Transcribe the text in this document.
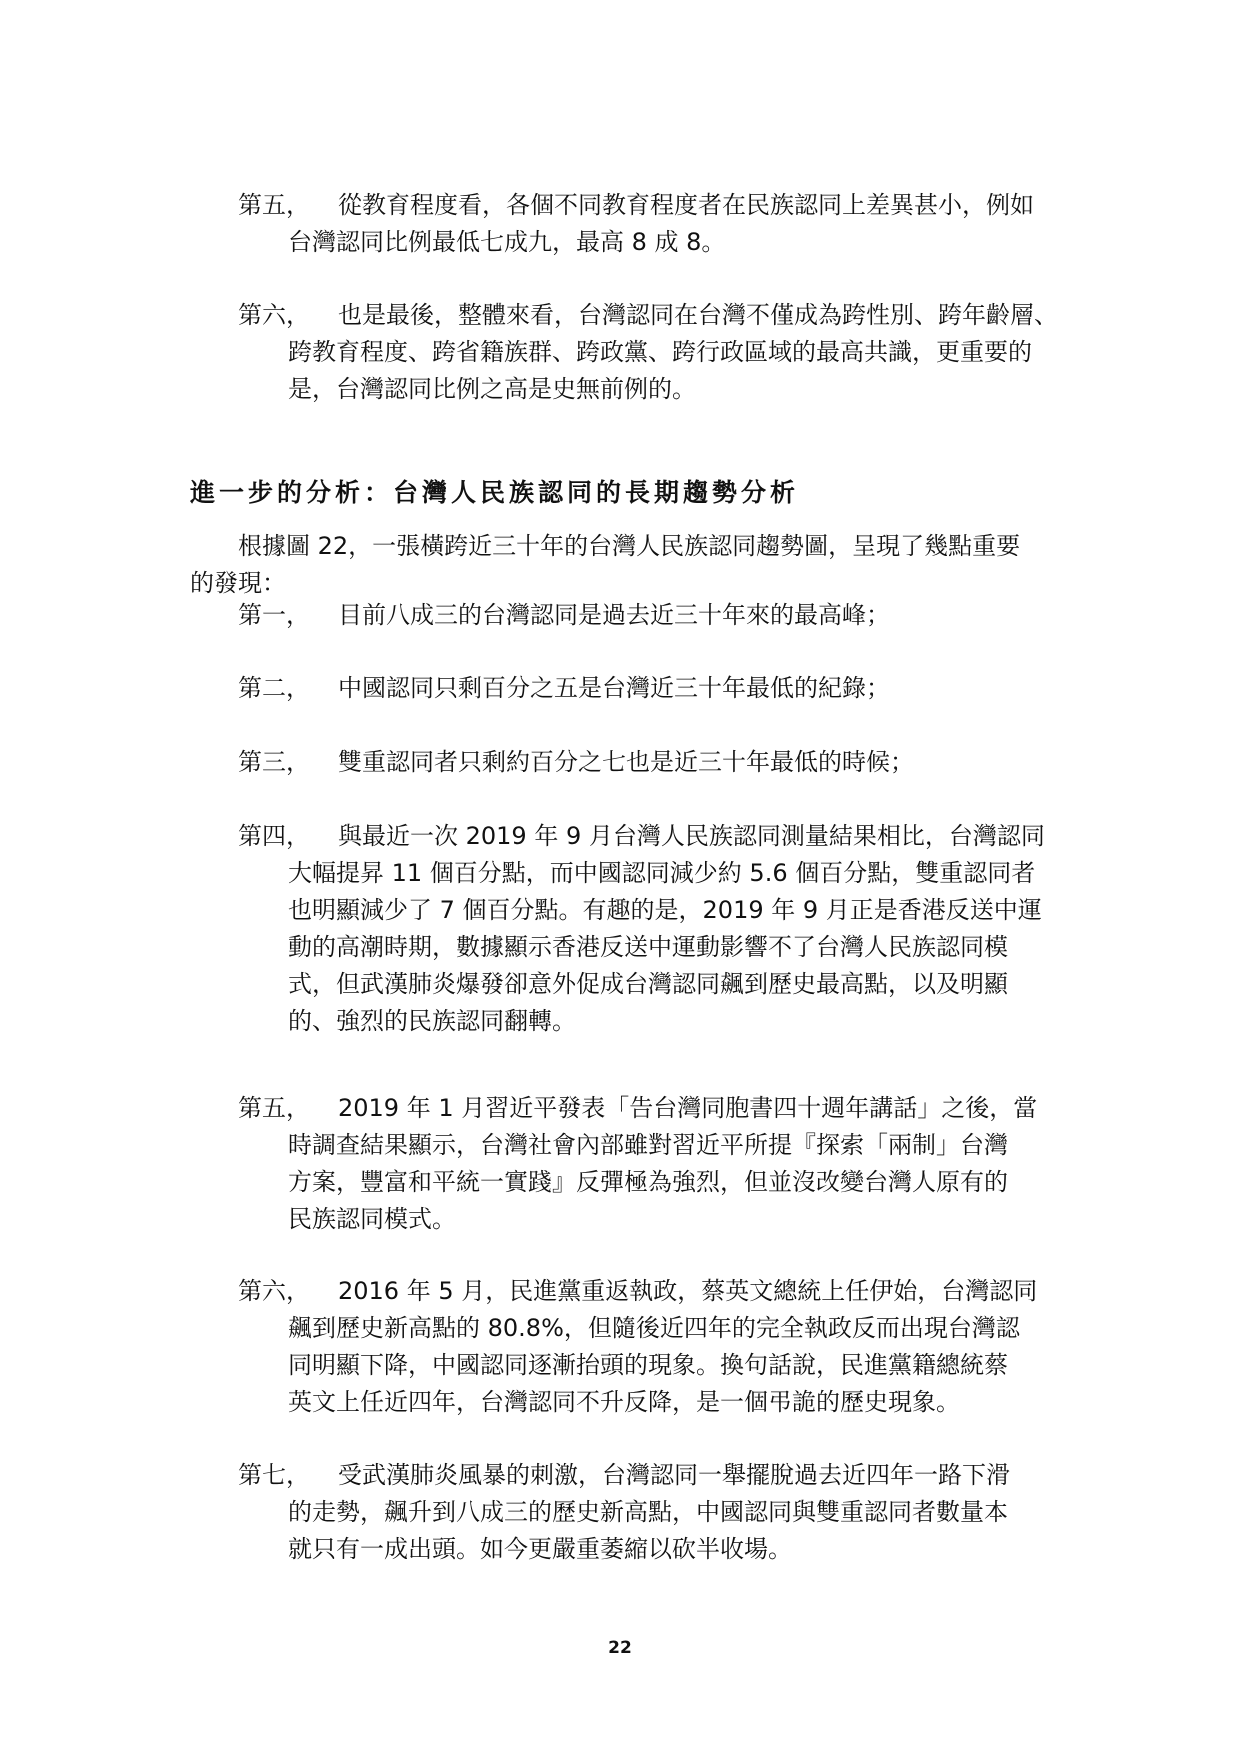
第五，	從教育程度看，各個不同教育程度者在民族認同上差異甚小，例如
台灣認同比例最低七成九，最高 8 成 8。
第六，	也是最後，整體來看，台灣認同在台灣不僅成為跨性別、跨年齡層、
跨教育程度、跨省籍族群、跨政黨、跨行政區域的最高共識，更重要的
是，台灣認同比例之高是史無前例的。
進一步的分析：台灣人民族認同的長期趨勢分析
根據圖 22，一張橫跨近三十年的台灣人民族認同趨勢圖，呈現了幾點重要
的發現：
第一，	目前八成三的台灣認同是過去近三十年來的最高峰；
第二，	中國認同只剩百分之五是台灣近三十年最低的紀錄；
第三，	雙重認同者只剩約百分之七也是近三十年最低的時候；
第四，	與最近一次 2019 年 9 月台灣人民族認同測量結果相比，台灣認同
大幅提昇 11 個百分點，而中國認同減少約 5.6 個百分點，雙重認同者
也明顯減少了 7 個百分點。有趣的是，2019 年 9 月正是香港反送中運
動的高潮時期，數據顯示香港反送中運動影響不了台灣人民族認同模
式，但武漢肺炎爆發卻意外促成台灣認同飆到歷史最高點，以及明顯
的、強烈的民族認同翻轉。
第五，	2019 年 1 月習近平發表「告台灣同胞書四十週年講話」之後，當
時調查結果顯示，台灣社會內部雖對習近平所提『探索「兩制」台灣
方案，豐富和平統一實踐』反彈極為強烈，但並沒改變台灣人原有的
民族認同模式。
第六，	2016 年 5 月，民進黨重返執政，蔡英文總統上任伊始，台灣認同
飆到歷史新高點的 80.8%，但隨後近四年的完全執政反而出現台灣認
同明顯下降，中國認同逐漸抬頭的現象。換句話說，民進黨籍總統蔡
英文上任近四年，台灣認同不升反降，是一個弔詭的歷史現象。
第七，	受武漢肺炎風暴的刺激，台灣認同一舉擺脫過去近四年一路下滑
的走勢，飆升到八成三的歷史新高點，中國認同與雙重認同者數量本
就只有一成出頭。如今更嚴重萎縮以砍半收場。
22
